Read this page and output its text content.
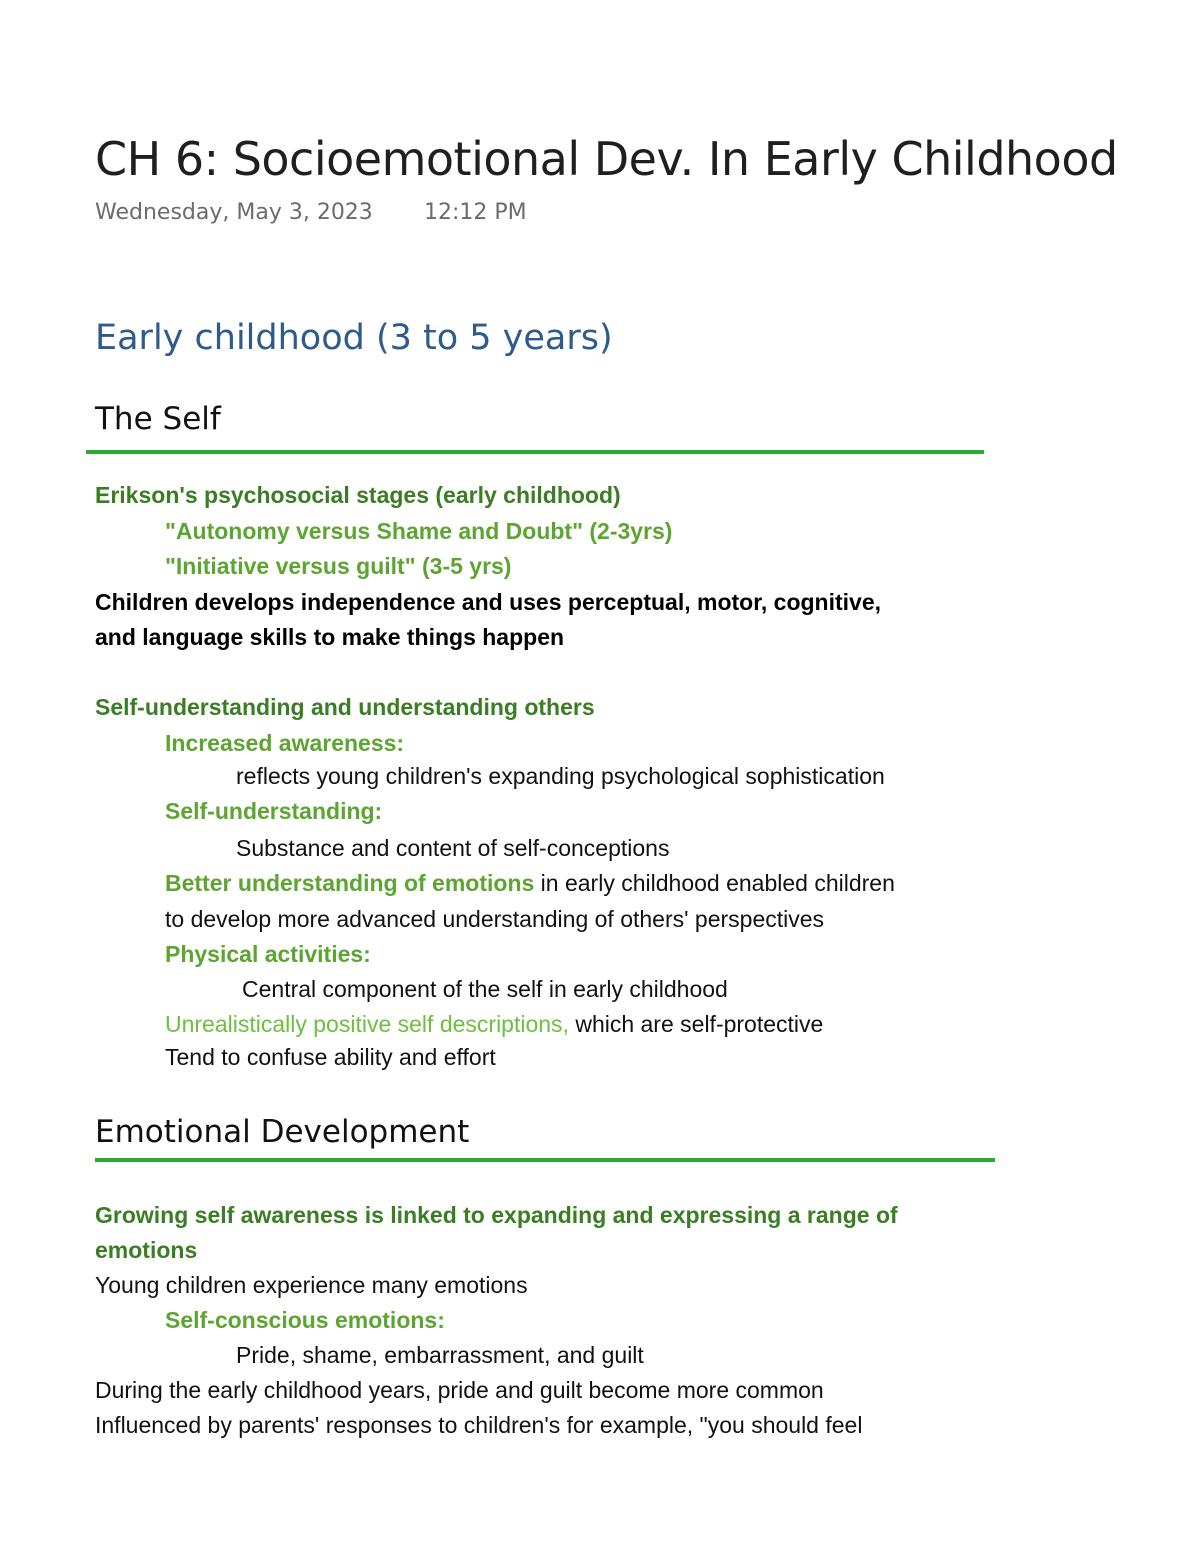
CH 6: Socioemotional Dev. In Early Childhood
Wednesday, May 3, 2023 12:12 PM
Early childhood (3 to 5 years)
The Self
Erikson's psychosocial stages (early childhood)
"Autonomy versus Shame and Doubt" (2-3yrs)
"Initiative versus guilt" (3-5 yrs)
Children develops independence and uses perceptual, motor, cognitive,
and language skills to make things happen
Self-understanding and understanding others
Increased awareness:
reflects young children's expanding psychological sophistication
Self-understanding:
Substance and content of self-conceptions
Better understanding of emotions in early childhood enabled children
to develop more advanced understanding of others' perspectives
Physical activities:
Central component of the self in early childhood
Unrealistically positive self descriptions, which are self-protective
Tend to confuse ability and effort
Emotional Development
Growing self awareness is linked to expanding and expressing a range of
emotions
Young children experience many emotions
Self-conscious emotions:
Pride, shame, embarrassment, and guilt
During the early childhood years, pride and guilt become more common
Influenced by parents' responses to children's for example, "you should feel
